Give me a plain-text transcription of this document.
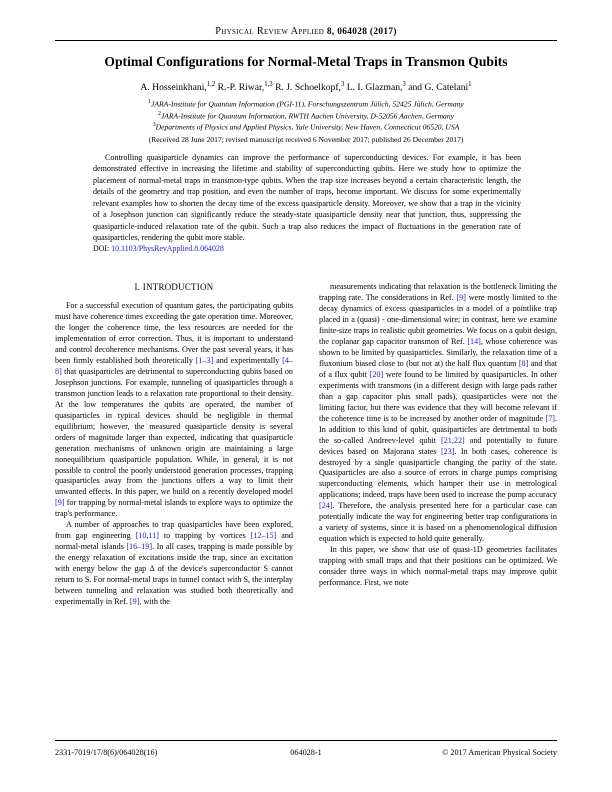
Physical Review Applied 8, 064028 (2017)
Optimal Configurations for Normal-Metal Traps in Transmon Qubits
A. Hosseinkhani,$^{1,2}$ R.-P. Riwar,$^{1,3}$ R. J. Schoelkopf,$^3$ L. I. Glazman,$^3$ and G. Catelani$^1$
$^1$JARA-Institute for Quantum Information (PGI-11), Forschungszentrum Jülich, 52425 Jülich, Germany
$^2$JARA-Institute for Quantum Information, RWTH Aachen University, D-52056 Aachen, Germany
$^3$Departments of Physics and Applied Physics, Yale University, New Haven, Connecticut 06520, USA
(Received 28 June 2017; revised manuscript received 6 November 2017; published 26 December 2017)
Controlling quasiparticle dynamics can improve the performance of superconducting devices. For example, it has been demonstrated effective in increasing the lifetime and stability of superconducting qubits. Here we study how to optimize the placement of normal-metal traps in transmon-type qubits. When the trap size increases beyond a certain characteristic length, the details of the geometry and trap position, and even the number of traps, become important. We discuss for some experimentally relevant examples how to shorten the decay time of the excess quasiparticle density. Moreover, we show that a trap in the vicinity of a Josephson junction can significantly reduce the steady-state quasiparticle density near that junction, thus, suppressing the quasiparticle-induced relaxation rate of the qubit. Such a trap also reduces the impact of fluctuations in the generation rate of quasiparticles, rendering the qubit more stable.
DOI: 10.1103/PhysRevApplied.8.064028
I. INTRODUCTION

For a successful execution of quantum gates, the participating qubits must have coherence times exceeding the gate operation time. Moreover, the longer the coherence time, the less resources are needed for the implementation of error correction. Thus, it is important to understand and control decoherence mechanisms. Over the past several years, it has been firmly established both theoretically [1–3] and experimentally [4–8] that quasiparticles are detrimental to superconducting qubits based on Josephson junctions. For example, tunneling of quasiparticles through a transmon junction leads to a relaxation rate proportional to their density. At the low temperatures the qubits are operated, the number of quasiparticles in typical devices should be negligible in thermal equilibrium; however, the measured quasiparticle density is several orders of magnitude larger than expected, indicating that quasiparticle generation mechanisms of unknown origin are maintaining a large nonequilibrium quasiparticle population. While, in general, it is not possible to control the poorly understood generation processes, trapping quasiparticles away from the junctions offers a way to limit their unwanted effects. In this paper, we build on a recently developed model [9] for trapping by normal-metal islands to explore ways to optimize the trap's performance.

A number of approaches to trap quasiparticles have been explored, from gap engineering [10,11] to trapping by vortices [12–15] and normal-metal islands [16–19]. In all cases, trapping is made possible by the energy relaxation of excitations inside the trap, since an excitation with energy below the gap Δ of the device's superconductor S cannot return to S. For normal-metal traps in tunnel contact with S, the interplay between tunneling and relaxation was studied both theoretically and experimentally in Ref. [9], with the

measurements indicating that relaxation is the bottleneck limiting the trapping rate. The considerations in Ref. [9] were mostly limited to the decay dynamics of excess quasiparticles in a model of a pointlike trap placed in a (quasi) - one-dimensional wire; in contrast, here we examine finite-size traps in realistic qubit geometries. We focus on a qubit design, the coplanar gap capacitor transmon of Ref. [14], whose coherence was shown to be limited by quasiparticles. Similarly, the relaxation time of a fluxonium biased close to (but not at) the half flux quantum [8] and that of a flux qubit [20] were found to be limited by quasiparticles. In other experiments with transmons (in a different design with large pads rather than a gap capacitor plus small pads), quasiparticles were not the limiting factor, but there was evidence that they will become relevant if the coherence time is to be increased by another order of magnitude [7]. In addition to this kind of qubit, quasiparticles are detrimental to both the so-called Andreev-level qubit [21,22] and potentially to future devices based on Majorana states [23]. In both cases, coherence is destroyed by a single quasiparticle changing the parity of the state. Quasiparticles are also a source of errors in charge pumps comprising superconducting elements, which hamper their use in metrological applications; indeed, traps have been used to increase the pump accuracy [24]. Therefore, the analysis presented here for a particular case can potentially indicate the way for engineering better trap configurations in a variety of systems, since it is based on a phenomenological diffusion equation which is expected to hold quite generally.

In this paper, we show that use of quasi-1D geometries facilitates trapping with small traps and that their positions can be optimized. We consider three ways in which normal-metal traps may improve qubit performance. First, we note

2331-7019/17/8(6)/064028(16)	064028-1	© 2017 American Physical Society
